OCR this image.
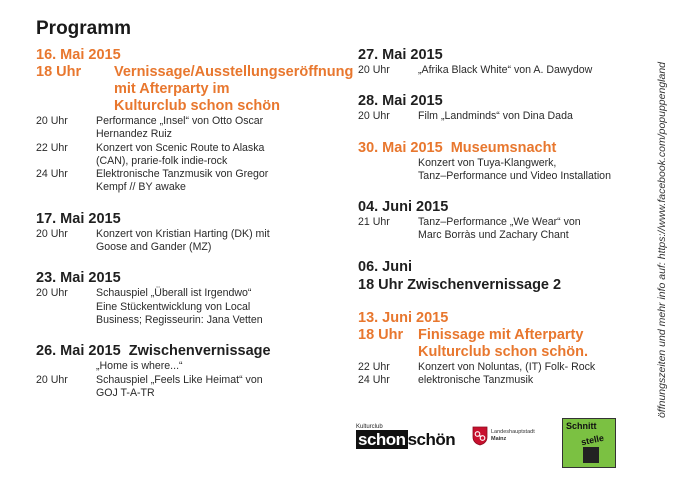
Programm
16. Mai 2015
18 Uhr	Vernissage/Ausstellungseröffnung
mit Afterparty im
Kulturclub schon schön
20 Uhr	Performance „Insel“ von Otto Oscar
Hernandez Ruiz
22 Uhr	Konzert von Scenic Route to Alaska
(CAN), prarie-folk indie-rock
24 Uhr	Elektronische Tanzmusik von Gregor
Kempf // BY awake
17. Mai 2015
20 Uhr	Konzert von Kristian Harting (DK) mit
Goose and Gander (MZ)
23. Mai 2015
20 Uhr	Schauspiel „Überall ist Irgendwo“
Eine Stückentwicklung von Local
Business; Regisseurin: Jana Vetten
26. Mai 2015 Zwischenvernissage
„Home is where...“
20 Uhr	Schauspiel „Feels Like Heimat“ von
GOJ T-A-TR
27. Mai 2015
20 Uhr	„Afrika Black White“ von A. Dawydow
28. Mai 2015
20 Uhr	Film „Landminds“ von Dina Dada
30. Mai 2015 Museumsnacht
Konzert von Tuya-Klangwerk,
Tanz–Performance und Video Installation
04. Juni 2015
21 Uhr	Tanz–Performance „We Wear“ von
Marc Borràs und Zachary Chant
06. Juni
18 Uhr Zwischenvernissage 2
13. Juni 2015
18 Uhr	Finissage mit Afterparty
Kulturclub schon schön.
22 Uhr	Konzert von Noluntas, (IT) Folk- Rock
24 Uhr	elektronische Tanzmusik
Kulturclub
schon schön	Landeshauptstadt
Mainz
Schnitt
stelle
öffnungszeiten und mehr info auf: https://www.facebook.com/popuppengland
